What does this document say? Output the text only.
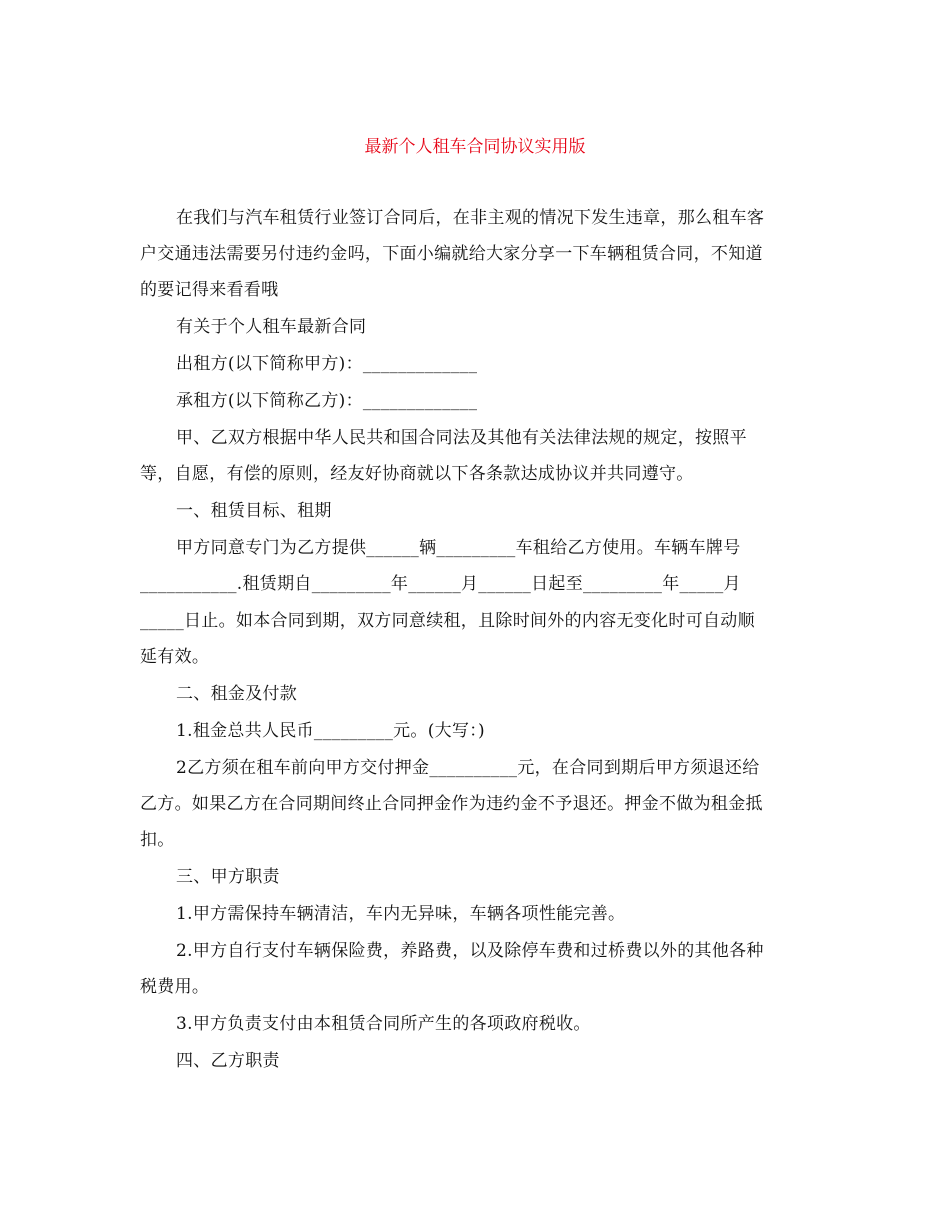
最新个人租车合同协议实用版

在我们与汽车租赁行业签订合同后，在非主观的情况下发生违章，那么租车客

户交通违法需要另付违约金吗，下面小编就给大家分享一下车辆租赁合同，不知道

的要记得来看看哦

有关于个人租车最新合同

出租方(以下简称甲方)：_____________

承租方(以下简称乙方)：_____________

甲、乙双方根据中华人民共和国合同法及其他有关法律法规的规定，按照平

等，自愿，有偿的原则，经友好协商就以下各条款达成协议并共同遵守。

一、租赁目标、租期

甲方同意专门为乙方提供______辆_________车租给乙方使用。车辆车牌号

___________.租赁期自_________年______月______日起至_________年_____月

_____日止。如本合同到期，双方同意续租，且除时间外的内容无变化时可自动顺

延有效。

二、租金及付款

1.租金总共人民币_________元。(大写：)

2乙方须在租车前向甲方交付押金__________元，在合同到期后甲方须退还给

乙方。如果乙方在合同期间终止合同押金作为违约金不予退还。押金不做为租金抵

扣。

三、甲方职责

1.甲方需保持车辆清洁，车内无异味，车辆各项性能完善。

2.甲方自行支付车辆保险费，养路费，以及除停车费和过桥费以外的其他各种

税费用。

3.甲方负责支付由本租赁合同所产生的各项政府税收。

四、乙方职责
